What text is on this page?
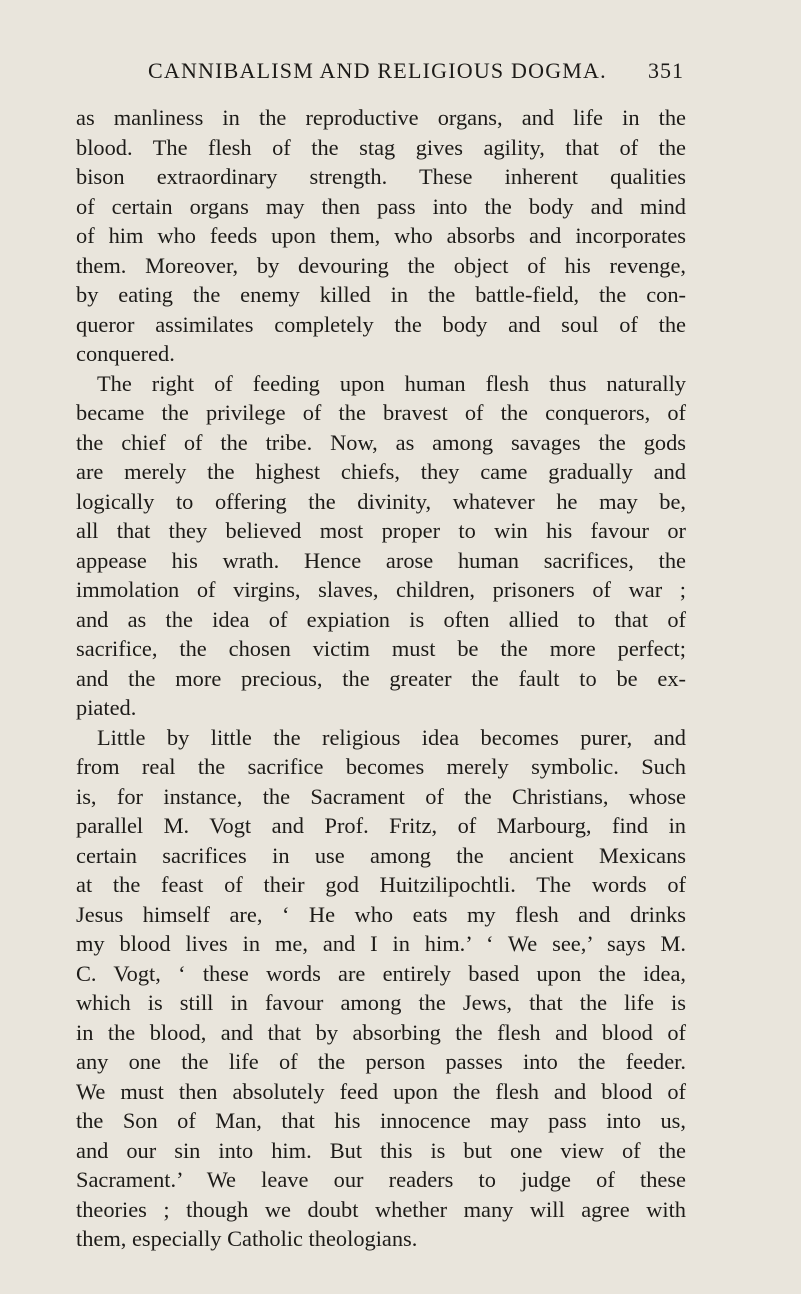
CANNIBALISM AND RELIGIOUS DOGMA. 351
as manliness in the reproductive organs, and life in the
blood. The flesh of the stag gives agility, that of the
bison extraordinary strength. These inherent qualities
of certain organs may then pass into the body and mind
of him who feeds upon them, who absorbs and incorporates
them. Moreover, by devouring the object of his revenge,
by eating the enemy killed in the battle-field, the con-
queror assimilates completely the body and soul of the
conquered.
The right of feeding upon human flesh thus naturally
became the privilege of the bravest of the conquerors, of
the chief of the tribe. Now, as among savages the gods
are merely the highest chiefs, they came gradually and
logically to offering the divinity, whatever he may be,
all that they believed most proper to win his favour or
appease his wrath. Hence arose human sacrifices, the
immolation of virgins, slaves, children, prisoners of war ;
and as the idea of expiation is often allied to that of
sacrifice, the chosen victim must be the more perfect;
and the more precious, the greater the fault to be ex-
piated.
Little by little the religious idea becomes purer, and
from real the sacrifice becomes merely symbolic. Such
is, for instance, the Sacrament of the Christians, whose
parallel M. Vogt and Prof. Fritz, of Marbourg, find in
certain sacrifices in use among the ancient Mexicans
at the feast of their god Huitzilipochtli. The words of
Jesus himself are, ‘ He who eats my flesh and drinks
my blood lives in me, and I in him.’ ‘ We see,’ says M.
C. Vogt, ‘ these words are entirely based upon the idea,
which is still in favour among the Jews, that the life is
in the blood, and that by absorbing the flesh and blood of
any one the life of the person passes into the feeder.
We must then absolutely feed upon the flesh and blood of
the Son of Man, that his innocence may pass into us,
and our sin into him. But this is but one view of the
Sacrament.’ We leave our readers to judge of these
theories ; though we doubt whether many will agree with
them, especially Catholic theologians.
